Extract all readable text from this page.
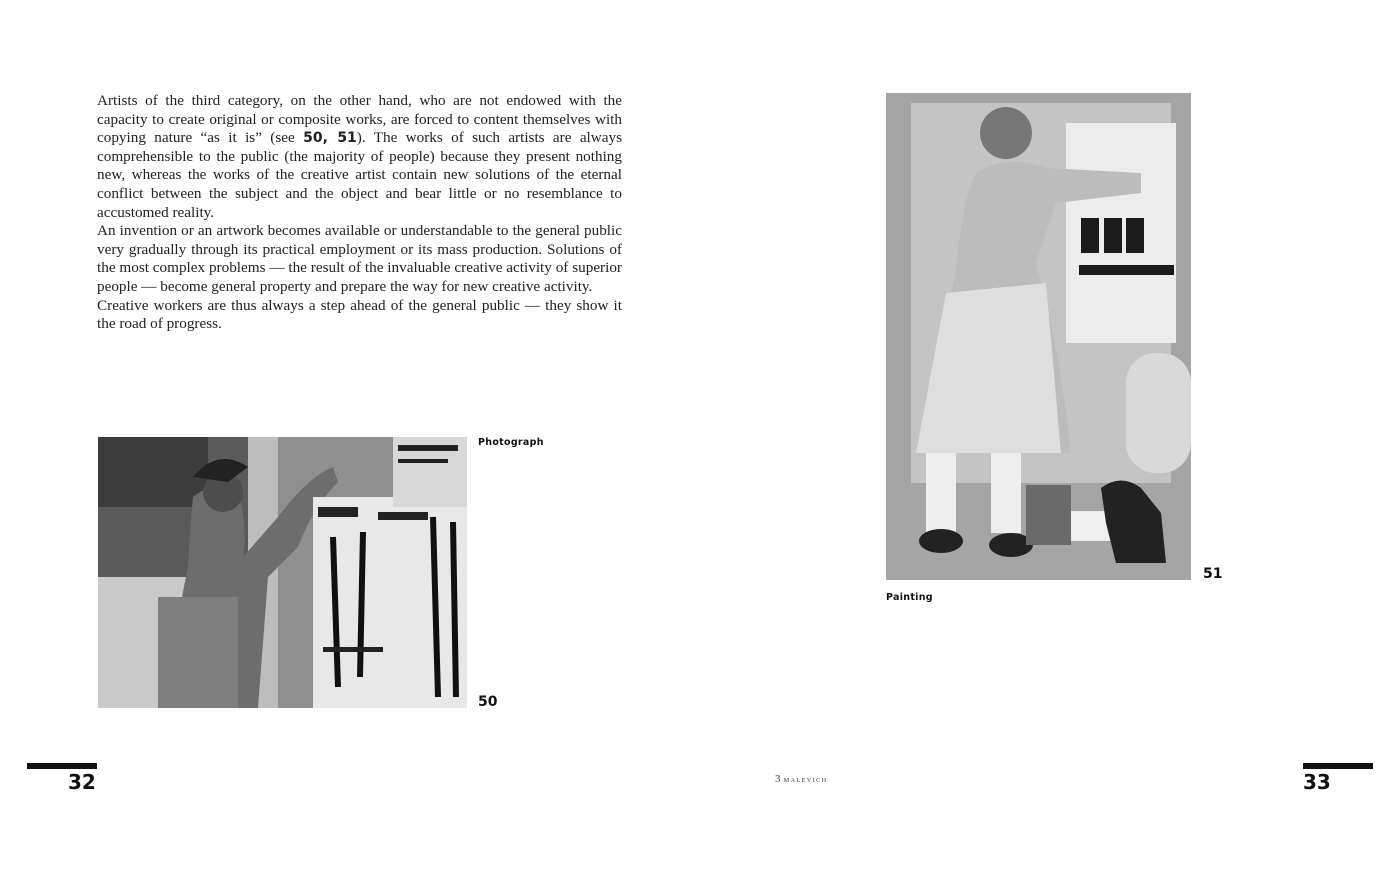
Artists of the third category, on the other hand, who are not endowed with the capacity to create original or composite works, are forced to content themselves with copying nature “as it is” (see 50, 51). The works of such artists are always comprehensible to the public (the majority of people) because they present nothing new, whereas the works of the creative artist contain new solutions of the eternal conflict between the subject and the object and bear little or no resemblance to accustomed reality.

An invention or an artwork becomes available or understandable to the general public very gradually through its practical employment or its mass production. Solutions of the most complex problems — the result of the invaluable creative activity of superior people — become general property and prepare the way for new creative activity.

Creative workers are thus always a step ahead of the general public — they show it the road of progress.

Photograph
50
51
Painting
32	3 MALEVICH	33
